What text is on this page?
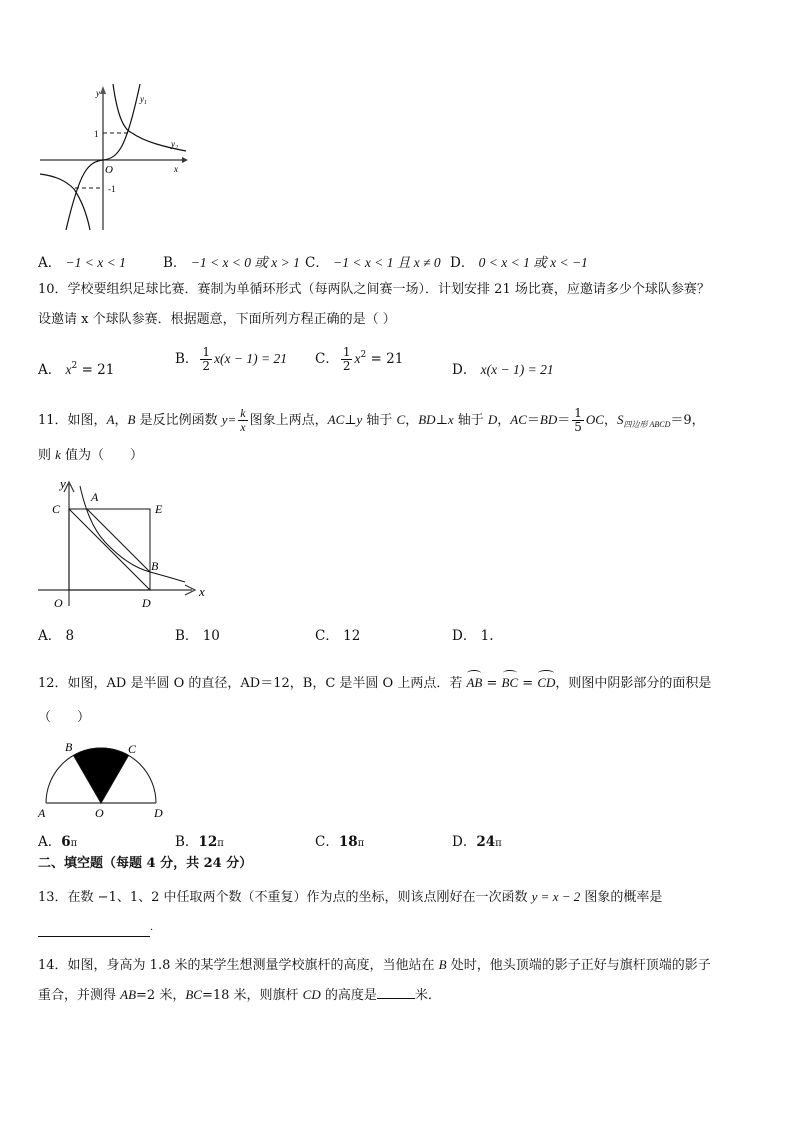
y
x
O
1
-1
$y_1$
$y_2$
A． −1 < x < 1	B． −1 < x < 0 或 x > 1 C． −1 < x < 1 且 x ≠ 0 D． 0 < x < 1 或 x < −1
10．学校要组织足球比赛．赛制为单循环形式（每两队之间赛一场）．计划安排 21 场比赛，应邀请多少个球队参赛？
设邀请 x 个球队参赛．根据题意，下面所列方程正确的是（ ）
A． $x^2 = 21$
B． $\frac{1}{2} x(x - 1) = 21$ C． $\frac{1}{2} x^2 = 21$
D． x(x − 1) = 21
11．如图，A，B 是反比例函数 $y= \frac{k}{x}$ 图象上两点，AC⊥y 轴于 C，BD⊥x 轴于 D，$AC=BD= \frac{1}{5}$ OC，$S_{四边形 ABCD}=9$，
则 k 值为（　　）
y
x
A
C	E
B
O	D
A． 8	B． 10	C． 12	D． 1.
12．如图，AD 是半圆 O 的直径，AD＝12，B，C 是半圆 O 上两点．若 AB = BC = CD，则图中阴影部分的面积是
（　　）
B	C
A	O	D
A．6π	B．12π	C．18π	D．24π
二、填空题（每题 4 分，共 24 分）
13．在数 −1、1、2 中任取两个数（不重复）作为点的坐标，则该点刚好在一次函数 y = x − 2 图象的概率是
.
14．如图，身高为 1.8 米的某学生想测量学校旗杆的高度，当他站在 B 处时，他头顶端的影子正好与旗杆顶端的影子
重合，并测得 AB=2 米，BC=18 米，则旗杆 CD 的高度是	米．
